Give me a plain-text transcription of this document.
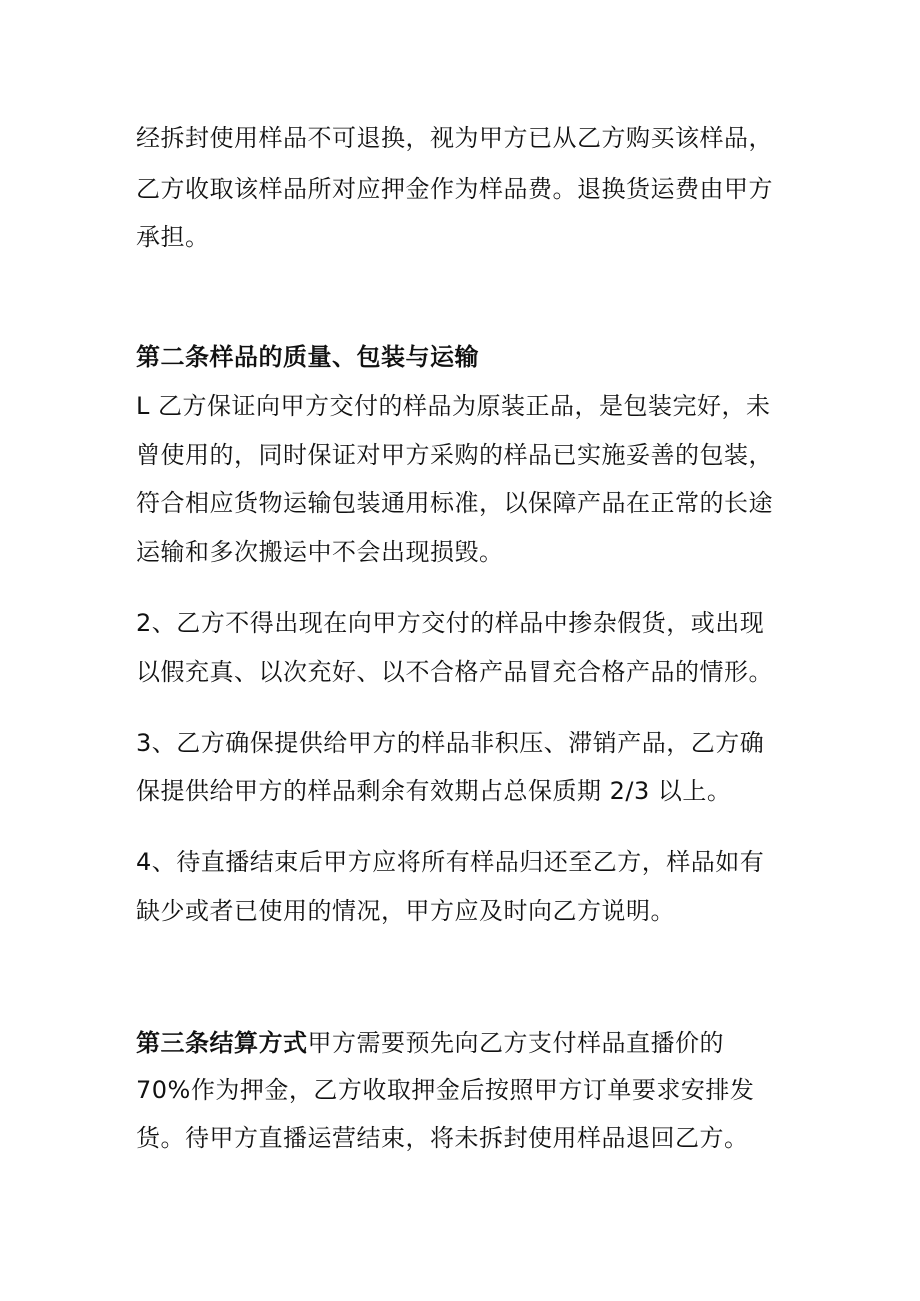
经拆封使用样品不可退换，视为甲方已从乙方购买该样品，
乙方收取该样品所对应押金作为样品费。退换货运费由甲方
承担。
第二条样品的质量、包装与运输
L 乙方保证向甲方交付的样品为原装正品，是包装完好，未
曾使用的，同时保证对甲方采购的样品已实施妥善的包装，
符合相应货物运输包装通用标准，以保障产品在正常的长途
运输和多次搬运中不会出现损毁。
2、乙方不得出现在向甲方交付的样品中掺杂假货，或出现
以假充真、以次充好、以不合格产品冒充合格产品的情形。
3、乙方确保提供给甲方的样品非积压、滞销产品，乙方确
保提供给甲方的样品剩余有效期占总保质期 2/3 以上。
4、待直播结束后甲方应将所有样品归还至乙方，样品如有
缺少或者已使用的情况，甲方应及时向乙方说明。
第三条结算方式甲方需要预先向乙方支付样品直播价的
70%作为押金，乙方收取押金后按照甲方订单要求安排发
货。待甲方直播运营结束，将未拆封使用样品退回乙方。
